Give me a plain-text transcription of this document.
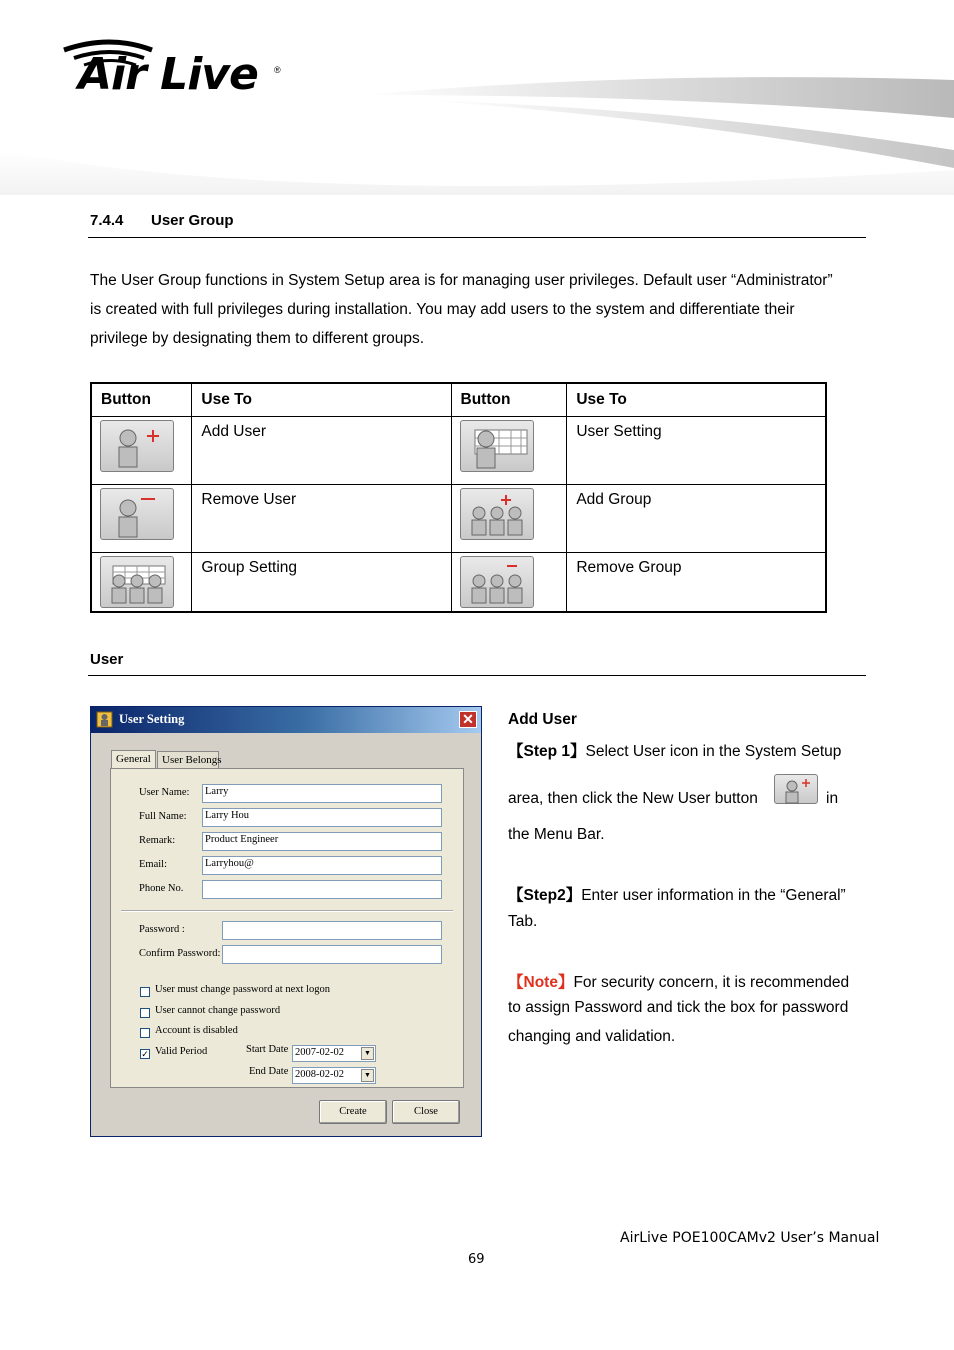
Air Live ®
7.4.4 User Group
The User Group functions in System Setup area is for managing user privileges. Default user “Administrator”
is created with full privileges during installation. You may add users to the system and differentiate their
privilege by designating them to different groups.
Button	Use To	Button	Use To

	Add User		User Setting

	Remove User		Add Group

	Group Setting		Remove Group
User
User Setting	✕
General	User Belongs
User Name: Larry
Full Name: Larry Hou
Remark:	Product Engineer
Email:	Larryhou@
Phone No.
Password :
Confirm Password:
User must change password at next logon
User cannot change password
Account is disabled
✓ Valid Period	Start Date 2007-02-02	▼
End Date 2008-02-02	▼
Create	Close
Add User
【Step 1】Select User icon in the System Setup
area, then click the New User button	in
the Menu Bar.
【Step2】Enter user information in the “General”
Tab.
【Note】For security concern, it is recommended
to assign Password and tick the box for password
changing and validation.
AirLive POE100CAMv2 User’s Manual
69
